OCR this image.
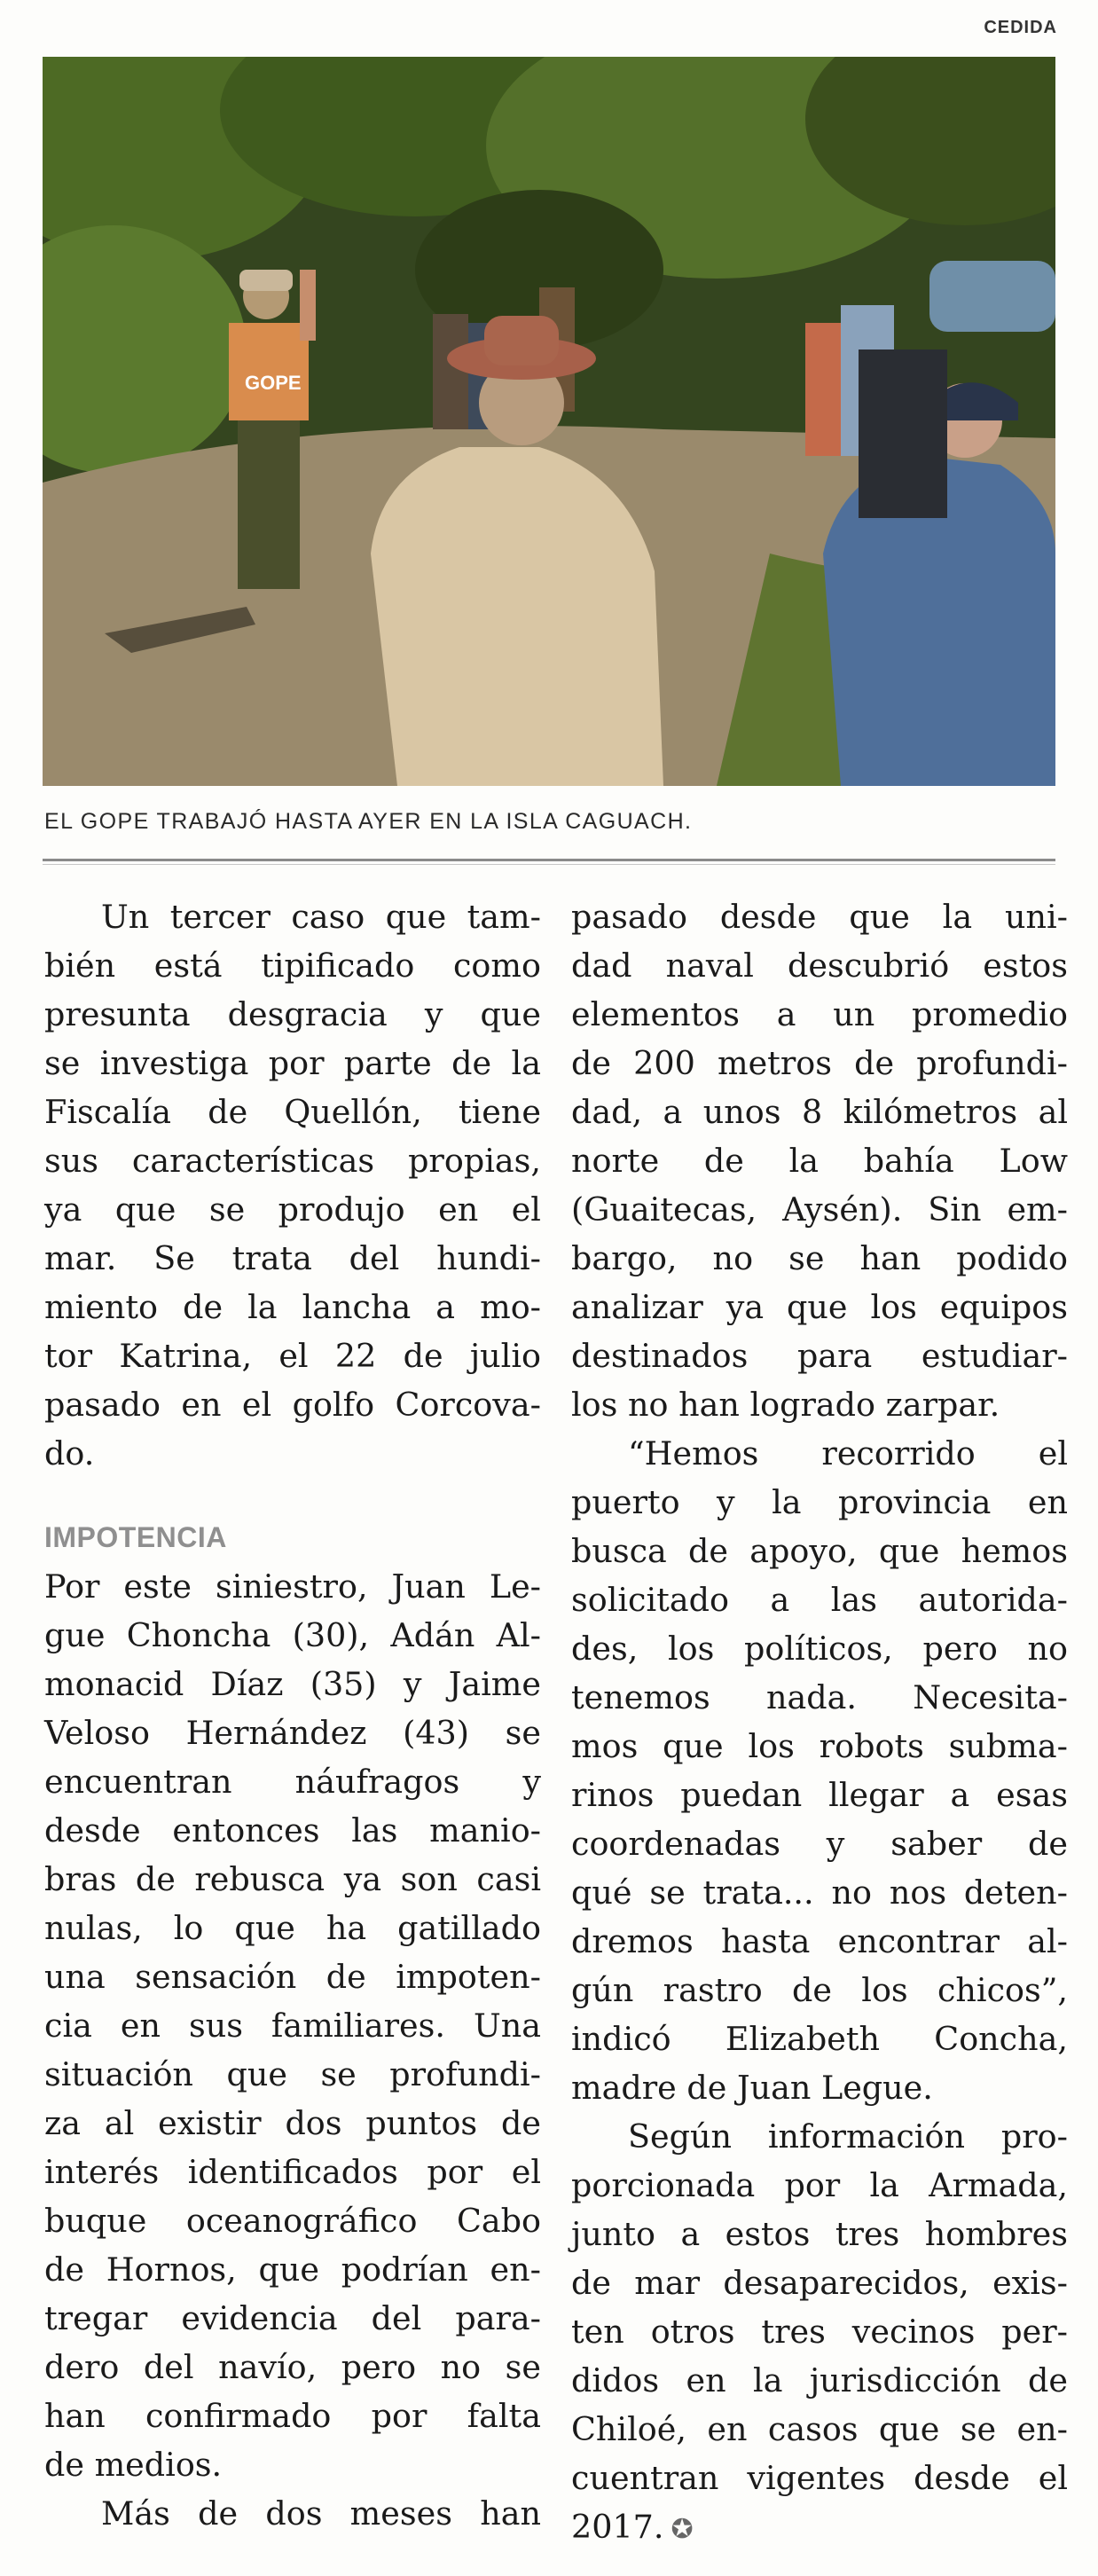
CEDIDA
GOPE
EL GOPE TRABAJÓ HASTA AYER EN LA ISLA CAGUACH.
Un tercer caso que tam-
bién está tipificado como
presunta desgracia y que
se investiga por parte de la
Fiscalía de Quellón, tiene
sus características propias,
ya que se produjo en el
mar. Se trata del hundi-
miento de la lancha a mo-
tor Katrina, el 22 de julio
pasado en el golfo Corcova-
do.
IMPOTENCIA
Por este siniestro, Juan Le-
gue Choncha (30), Adán Al-
monacid Díaz (35) y Jaime
Veloso Hernández (43) se
encuentran náufragos y
desde entonces las manio-
bras de rebusca ya son casi
nulas, lo que ha gatillado
una sensación de impoten-
cia en sus familiares. Una
situación que se profundi-
za al existir dos puntos de
interés identificados por el
buque oceanográfico Cabo
de Hornos, que podrían en-
tregar evidencia del para-
dero del navío, pero no se
han confirmado por falta
de medios.
Más de dos meses han
pasado desde que la uni-
dad naval descubrió estos
elementos a un promedio
de 200 metros de profundi-
dad, a unos 8 kilómetros al
norte de la bahía Low
(Guaitecas, Aysén). Sin em-
bargo, no se han podido
analizar ya que los equipos
destinados para estudiar-
los no han logrado zarpar.
“Hemos recorrido el
puerto y la provincia en
busca de apoyo, que hemos
solicitado a las autorida-
des, los políticos, pero no
tenemos nada. Necesita-
mos que los robots subma-
rinos puedan llegar a esas
coordenadas y saber de
qué se trata... no nos deten-
dremos hasta encontrar al-
gún rastro de los chicos”,
indicó Elizabeth Concha,
madre de Juan Legue.
Según información pro-
porcionada por la Armada,
junto a estos tres hombres
de mar desaparecidos, exis-
ten otros tres vecinos per-
didos en la jurisdicción de
Chiloé, en casos que se en-
cuentran vigentes desde el
2017. ✪
